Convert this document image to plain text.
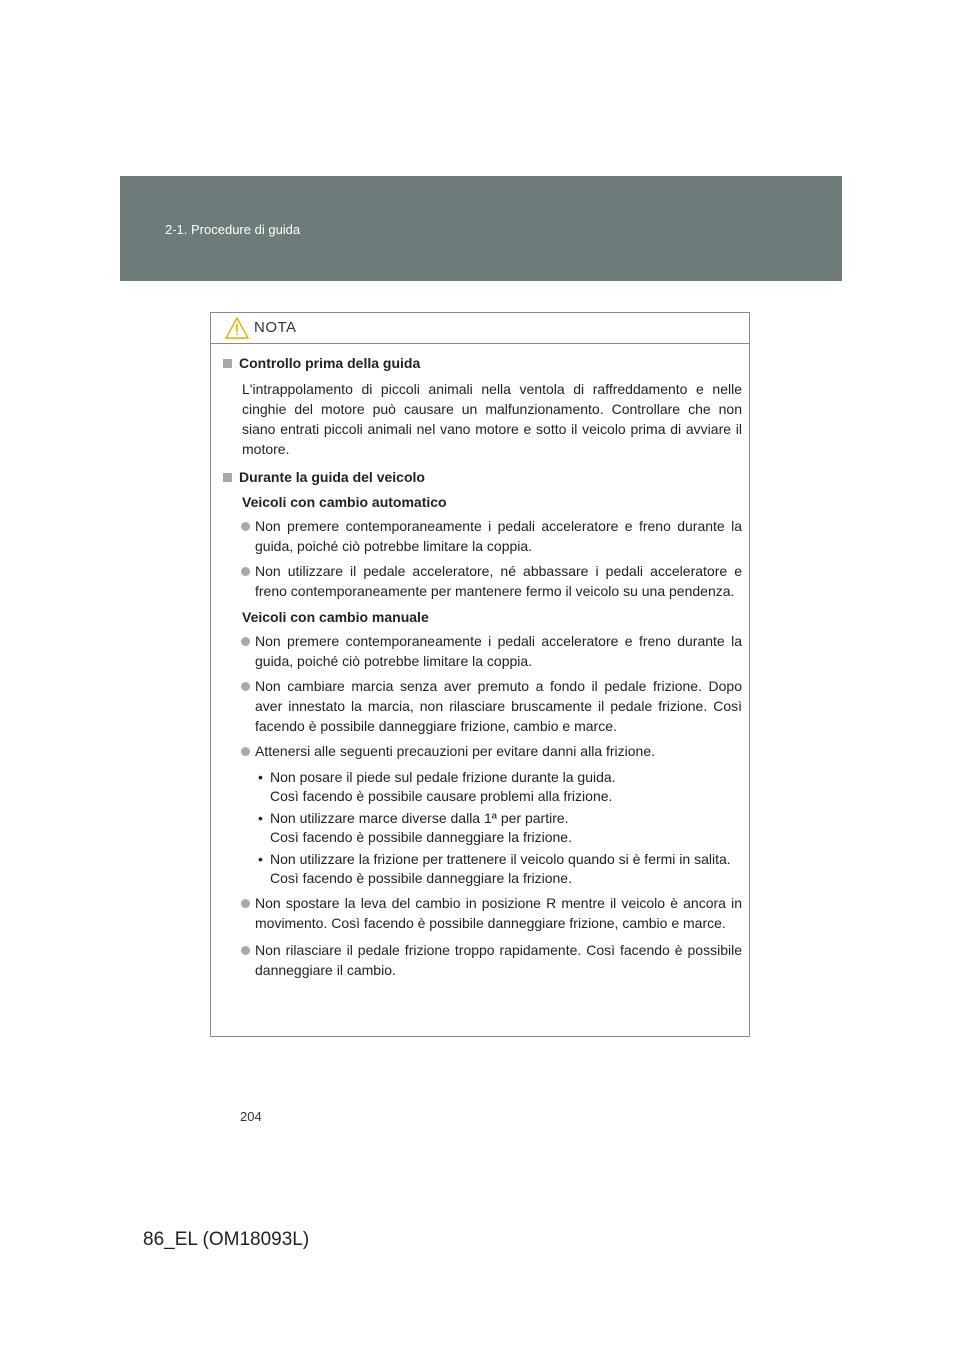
2-1. Procedure di guida
NOTA
Controllo prima della guida
L'intrappolamento di piccoli animali nella ventola di raffreddamento e nelle cinghie del motore può causare un malfunzionamento. Controllare che non siano entrati piccoli animali nel vano motore e sotto il veicolo prima di avviare il motore.
Durante la guida del veicolo
Veicoli con cambio automatico
Non premere contemporaneamente i pedali acceleratore e freno durante la guida, poiché ciò potrebbe limitare la coppia.
Non utilizzare il pedale acceleratore, né abbassare i pedali acceleratore e freno contemporaneamente per mantenere fermo il veicolo su una pendenza.
Veicoli con cambio manuale
Non premere contemporaneamente i pedali acceleratore e freno durante la guida, poiché ciò potrebbe limitare la coppia.
Non cambiare marcia senza aver premuto a fondo il pedale frizione. Dopo aver innestato la marcia, non rilasciare bruscamente il pedale frizione. Così facendo è possibile danneggiare frizione, cambio e marce.
Attenersi alle seguenti precauzioni per evitare danni alla frizione.
• Non posare il piede sul pedale frizione durante la guida.
Così facendo è possibile causare problemi alla frizione.
• Non utilizzare marce diverse dalla 1ª per partire.
Così facendo è possibile danneggiare la frizione.
• Non utilizzare la frizione per trattenere il veicolo quando si è fermi in salita.
Così facendo è possibile danneggiare la frizione.
Non spostare la leva del cambio in posizione R mentre il veicolo è ancora in movimento. Così facendo è possibile danneggiare frizione, cambio e marce.
Non rilasciare il pedale frizione troppo rapidamente. Così facendo è possibile danneggiare il cambio.
204
86_EL (OM18093L)
